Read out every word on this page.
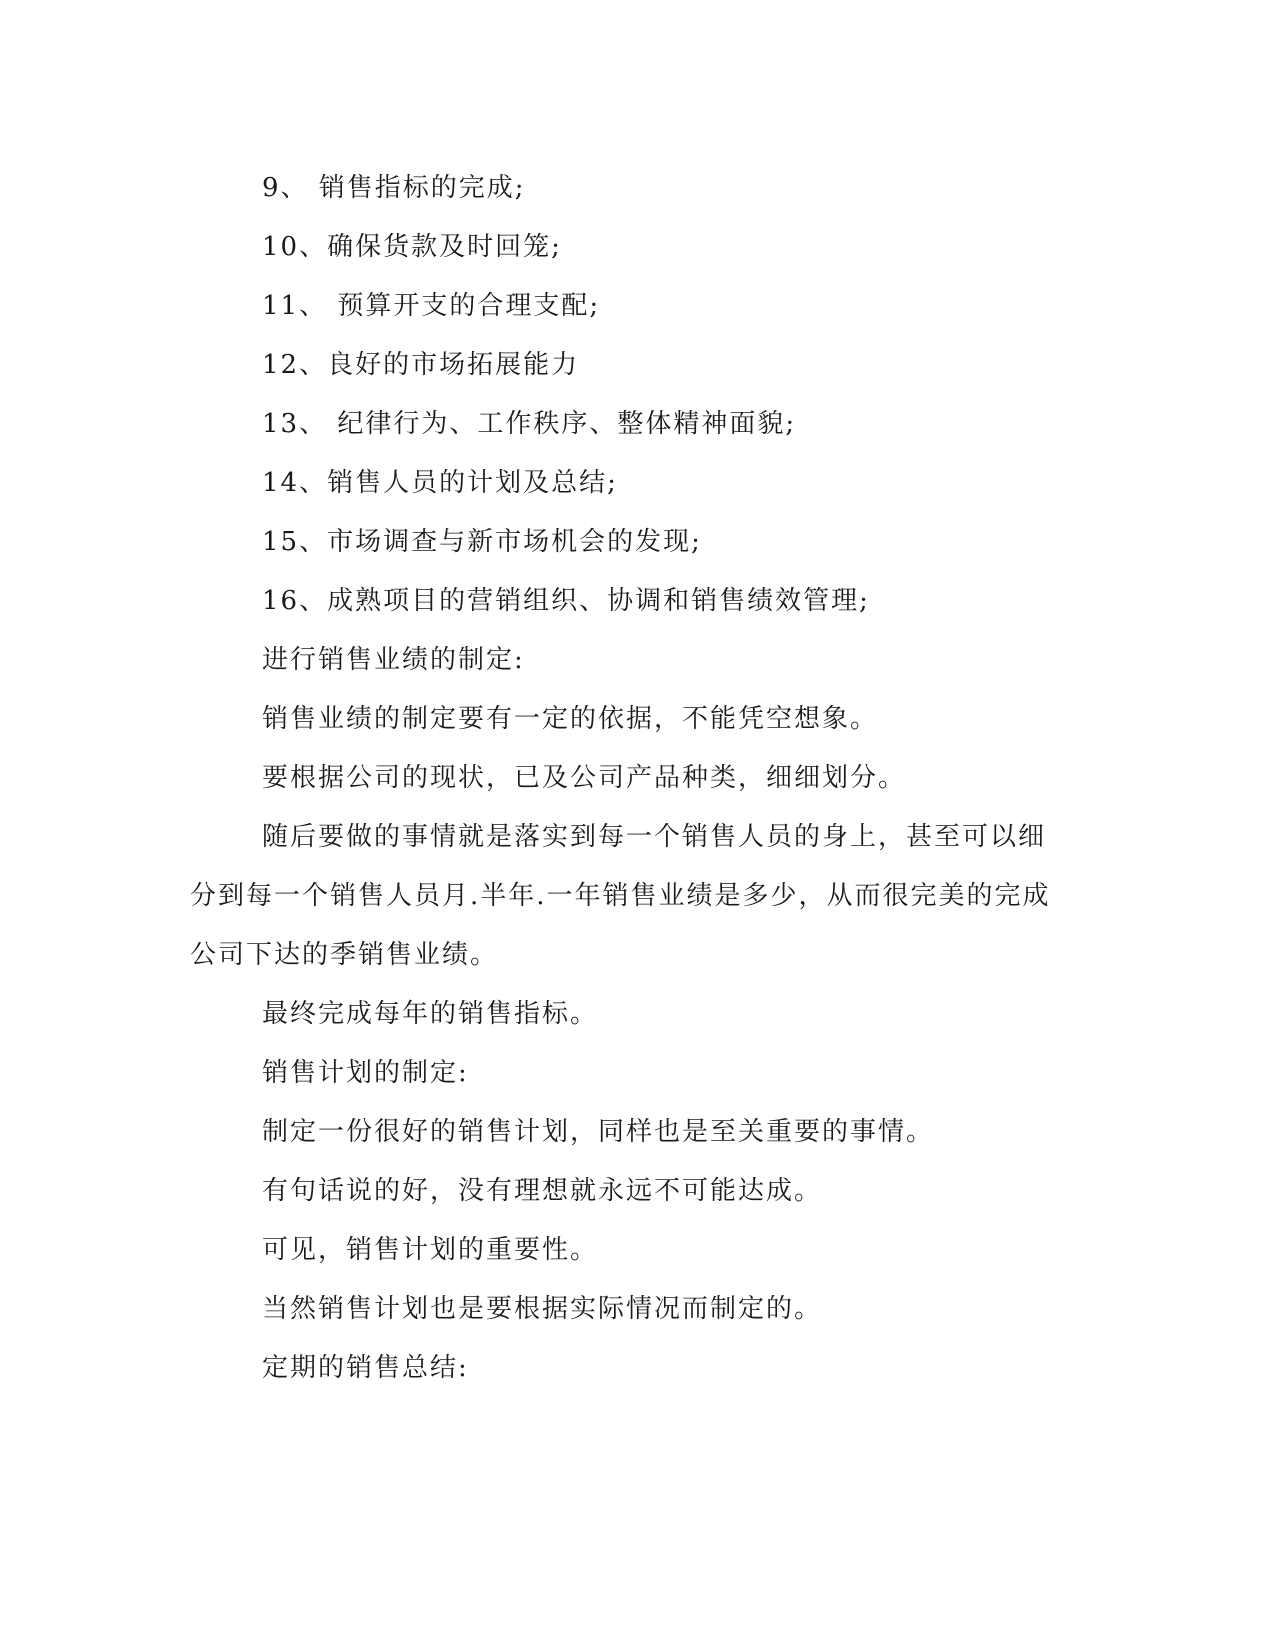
9、 销售指标的完成;
10、确保货款及时回笼;
11、 预算开支的合理支配;
12、良好的市场拓展能力
13、 纪律行为、工作秩序、整体精神面貌;
14、销售人员的计划及总结;
15、市场调查与新市场机会的发现;
16、成熟项目的营销组织、协调和销售绩效管理;
进行销售业绩的制定:
销售业绩的制定要有一定的依据，不能凭空想象。
要根据公司的现状，已及公司产品种类，细细划分。
随后要做的事情就是落实到每一个销售人员的身上，甚至可以细
分到每一个销售人员月.半年.一年销售业绩是多少，从而很完美的完成
公司下达的季销售业绩。
最终完成每年的销售指标。
销售计划的制定:
制定一份很好的销售计划，同样也是至关重要的事情。
有句话说的好，没有理想就永远不可能达成。
可见，销售计划的重要性。
当然销售计划也是要根据实际情况而制定的。
定期的销售总结:
